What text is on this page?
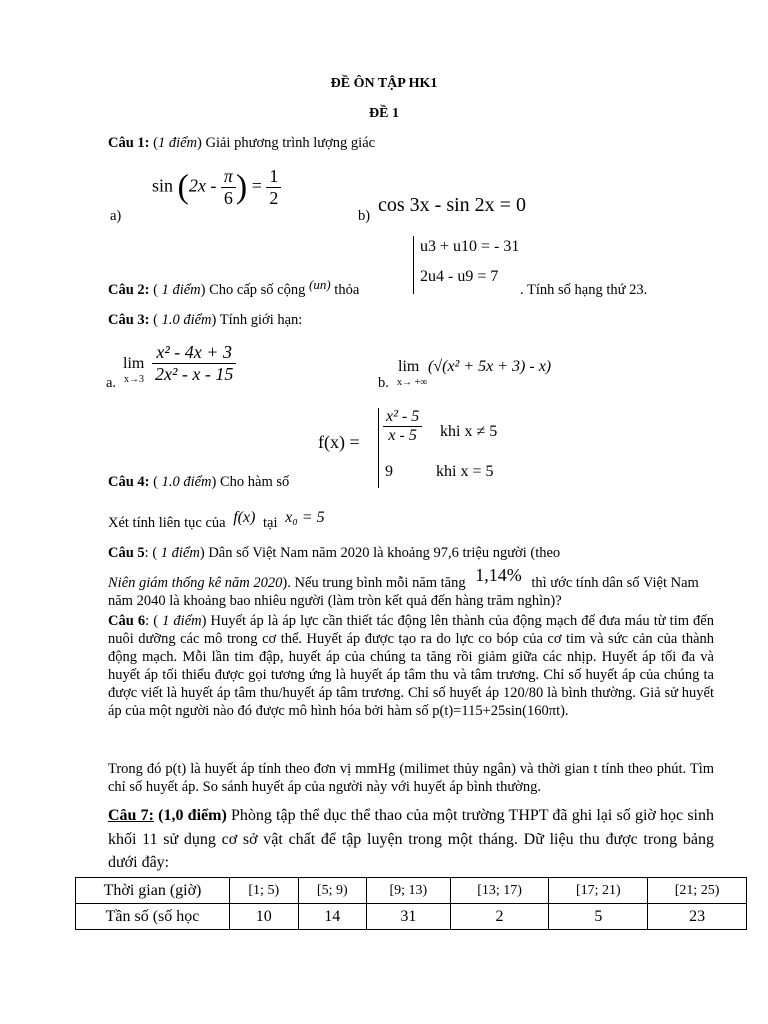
ĐỀ ÔN TẬP HK1
ĐỀ 1
Câu 1: (1 điểm) Giải phương trình lượng giác
a)
$\sin (2x - \frac{\pi}{6}$ ) = $\frac{1}{2}$
b) cos 3x - sin 2x = 0
u3 + u10 = - 31
2u4 - u9 = 7
Câu 2: ( 1 điểm) Cho cấp số cộng (un) thỏa	. Tính số hạng thứ 23.
Câu 3: ( 1.0 điểm) Tính giới hạn:
a.
lim
$x\to 3 \frac{\text{x² - 4x + 3}}{\text{2x² - x - 15}}$	b.
lim
x→ +∞
(√(x² + 5x + 3) - x)
$f(x) = \frac{\text{x² - 5}}{x - 5}$ khi x ≠ 5
9	khi x = 5
Câu 4: ( 1.0 điểm) Cho hàm số
Xét tính liên tục của f(x) tại x₀ = 5
Câu 5: ( 1 điểm) Dân số Việt Nam năm 2020 là khoảng 97,6 triệu người (theo
Niên giám thống kê năm 2020). Nếu trung bình mỗi năm tăng 1,14% thì ước tính dân số Việt Nam
năm 2040 là khoảng bao nhiêu người (làm tròn kết quả đến hàng trăm nghìn)?
Câu 6: ( 1 điểm) Huyết áp là áp lực cần thiết tác động lên thành của động mạch để đưa máu từ tim đến nuôi dưỡng các mô trong cơ thể. Huyết áp được tạo ra do lực co bóp của cơ tim và sức cản của thành động mạch. Mỗi lần tim đập, huyết áp của chúng ta tăng rồi giảm giữa các nhịp. Huyết áp tối đa và huyết áp tối thiểu được gọi tương ứng là huyết áp tâm thu và tâm trương. Chỉ số huyết áp của chúng ta được viết là huyết áp tâm thu/huyết áp tâm trương. Chỉ số huyết áp 120/80 là bình thường. Giả sử huyết áp của một người nào đó được mô hình hóa bởi hàm số p(t)=115+25sin(160πt).
Trong đó p(t) là huyết áp tính theo đơn vị mmHg (milimet thủy ngân) và thời gian t tính theo phút. Tìm chỉ số huyết áp. So sánh huyết áp của người này với huyết áp bình thường.
Câu 7: (1,0 điểm) Phòng tập thể dục thể thao của một trường THPT đã ghi lại số giờ học sinh khối 11 sử dụng cơ sở vật chất để tập luyện trong một tháng. Dữ liệu thu được trong bảng dưới đây:
Thời gian (giờ)	[1; 5)	[5; 9)	[9; 13)	[13; 17)	[17; 21)	[21; 25)
Tần số (số học	10	14	31	2	5	23
